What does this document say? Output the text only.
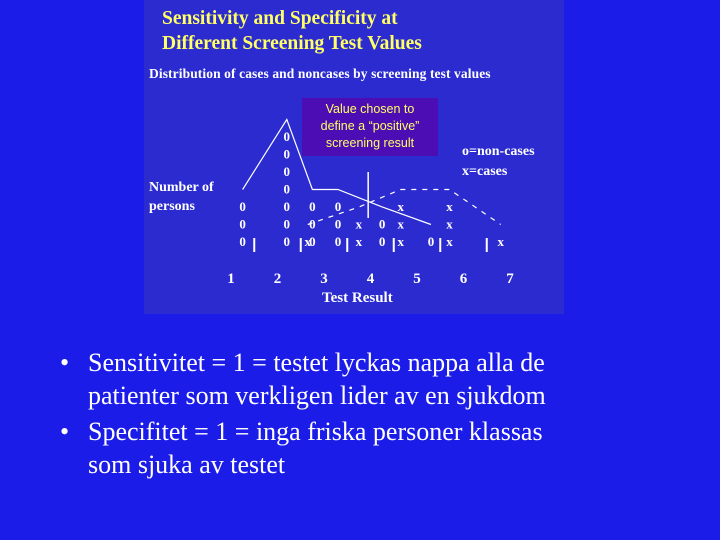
Sensitivity and Specificity at
Different Screening Test Values
Distribution of cases and noncases by screening test values
1	2	3	4	5	6	7
0
0
0
0
0
0
0
0
0
0
0
0
0
0
0
0
0
0
0
x	x
x
x
x
x
x
x
x
x
Value chosen to
define a “positive”
screening result
o=non-cases
x=cases
Number of
persons
Test Result
• Sensitivitet = 1 = testet lyckas nappa alla de
patienter som verkligen lider av en sjukdom
• Specifitet = 1 = inga friska personer klassas
som sjuka av testet
